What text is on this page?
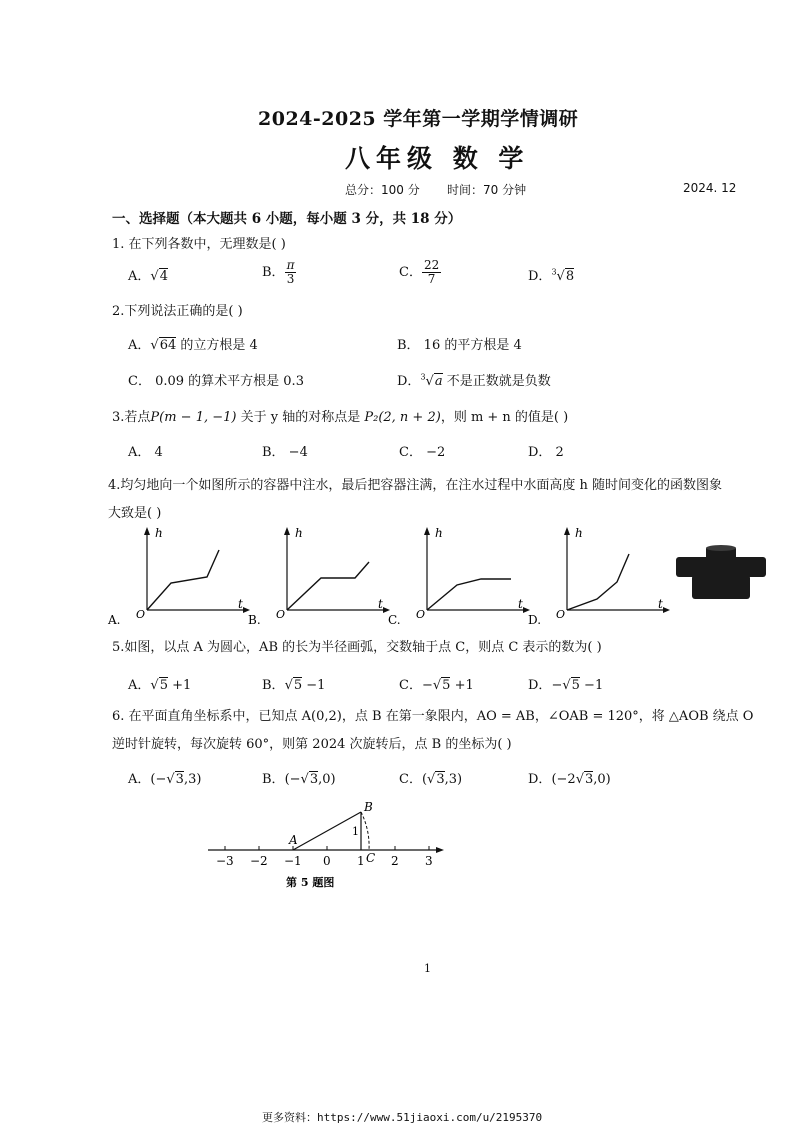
2024-2025 学年第一学期学情调研
八年级 数 学
总分：100 分 时间：70 分钟	2024. 12
一、选择题（本大题共 6 小题，每小题 3 分，共 18 分）
1. 在下列各数中，无理数是( )
A．√4	B． $\frac{\pi}{3}$	C． $\frac{22}{7}$	D．$^3$√8
2.下列说法正确的是( )
A．√64 的立方根是 4	B． 16 的平方根是 4
C． 0.09 的算术平方根是 0.3	D．$^3$√a 不是正数就是负数
3.若点P(m − 1, −1) 关于 y 轴的对称点是 P₂(2, n + 2)，则 m + n 的值是( )
A． 4	B． −4	C． −2	D． 2
4.均匀地向一个如图所示的容器中注水，最后把容器注满，在注水过程中水面高度 h 随时间变化的函数图象
大致是( )
h
t
O
A.
h
t
O
B.
h
t
O
C.
h
t
O
D.
5.如图，以点 A 为圆心，AB 的长为半径画弧，交数轴于点 C，则点 C 表示的数为( )
A．√5 +1	B．√5 −1	C．−√5 +1	D．−√5 −1
6. 在平面直角坐标系中，已知点 A(0,2)，点 B 在第一象限内，AO = AB，∠OAB = 120°，将 △AOB 绕点 O
逆时针旋转，每次旋转 60°，则第 2024 次旋转后，点 B 的坐标为( )
A．(−√3,3)	B．(−√3,0)	C．(√3,3)	D．(−2√3,0)
−3 −2 −1 0 1 2 3
A
B
C
1
第 5 题图
1
更多资料：https://www.51jiaoxi.com/u/2195370
